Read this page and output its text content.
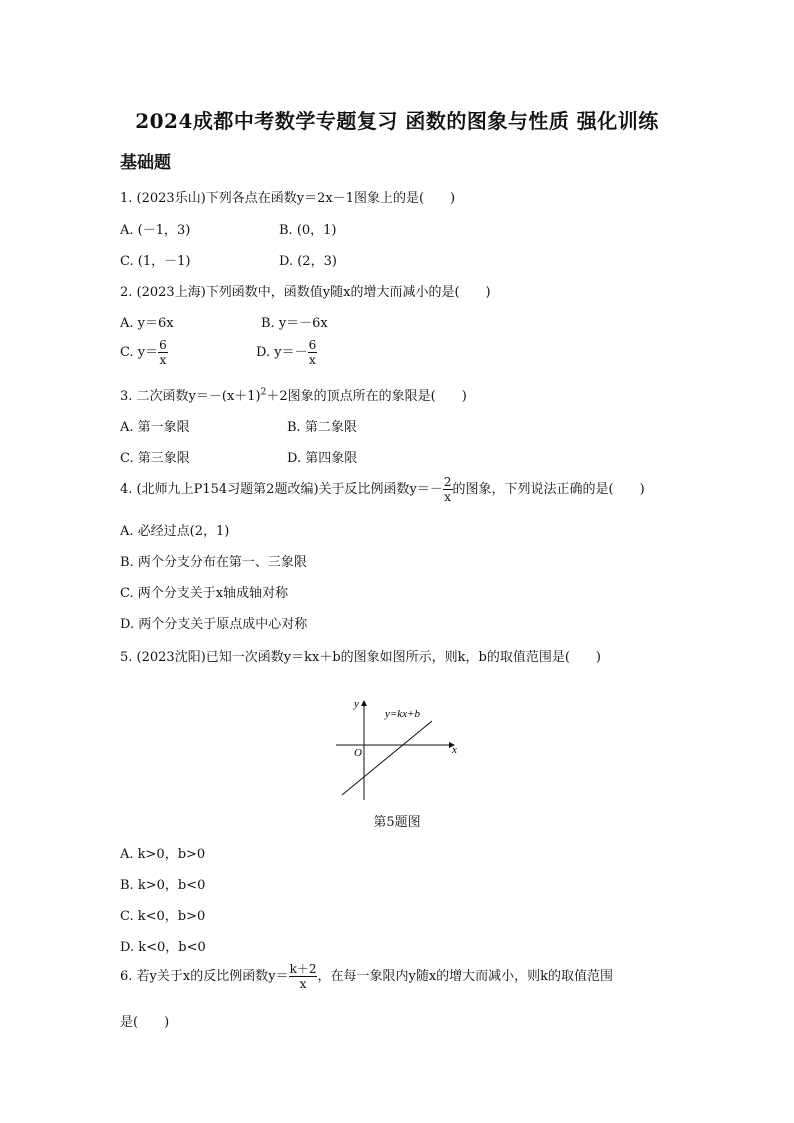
2024成都中考数学专题复习 函数的图象与性质 强化训练
基础题
1. (2023乐山)下列各点在函数y＝2x－1图象上的是(　　)
A. (－1，3)	B. (0，1)
C. (1，－1)	D. (2，3)
2. (2023上海)下列函数中，函数值y随x的增大而减小的是(　　)
A. y＝6x	B. y＝－6x
C. $y= \frac{6}{x}$	D. $y=- \frac{6}{x}$
3. 二次函数$y=-(x+1)^2+2$图象的顶点所在的象限是(　　)
A. 第一象限	B. 第二象限
C. 第三象限	D. 第四象限
4. (北师九上P154习题第2题改编)关于反比例函数$y=- \frac{2}{x}$ 的图象，下列说法正确的是(　　)
A. 必经过点(2，1)
B. 两个分支分布在第一、三象限
C. 两个分支关于x轴成轴对称
D. 两个分支关于原点成中心对称
5. (2023沈阳)已知一次函数y＝kx＋b的图象如图所示，则k，b的取值范围是(　　)
x
y
O
y=kx+b
第5题图
A. k>0，b>0
B. k>0，b<0
C. k<0，b>0
D. k<0，b<0
6. 若y关于x的反比例函数$y= \frac{k+2}{x}$ ，在每一象限内y随x的增大而减小，则k的取值范围
是(　　)
